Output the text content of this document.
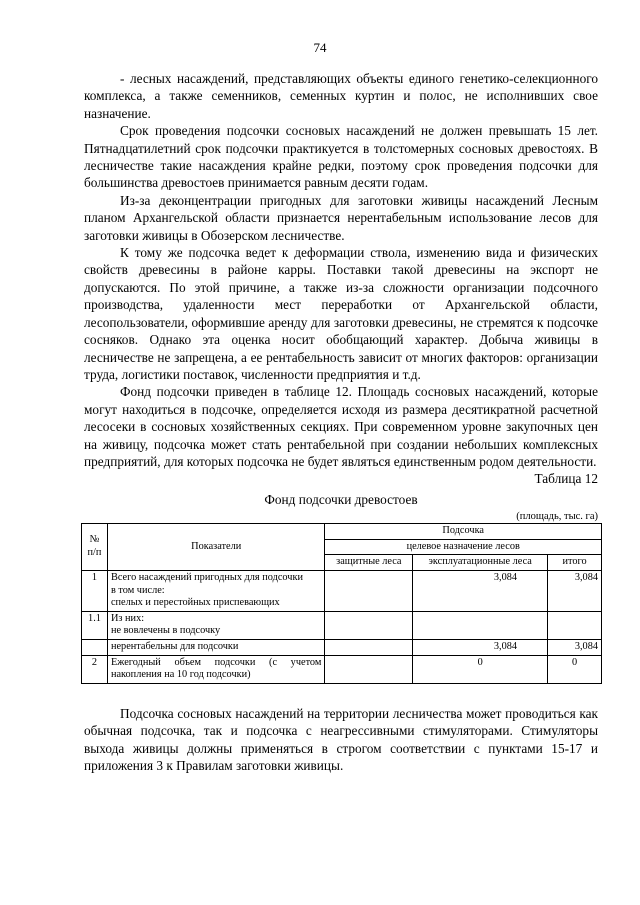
74

- лесных насаждений, представляющих объекты единого генетико-селекционного комплекса, а также семенников, семенных куртин и полос, не исполнивших свое назначение.

Срок проведения подсочки сосновых насаждений не должен превышать 15 лет. Пятнадцатилетний срок подсочки практикуется в толстомерных сосновых древостоях. В лесничестве такие насаждения крайне редки, поэтому срок проведения подсочки для большинства древостоев принимается равным десяти годам.

Из-за деконцентрации пригодных для заготовки живицы насаждений Лесным планом Архангельской области признается нерентабельным использование лесов для заготовки живицы в Обозерском лесничестве.

К тому же подсочка ведет к деформации ствола, изменению вида и физических свойств древесины в районе карры. Поставки такой древесины на экспорт не допускаются. По этой причине, а также из-за сложности организации подсочного производства, удаленности мест переработки от Архангельской области, лесопользователи, оформившие аренду для заготовки древесины, не стремятся к подсочке сосняков. Однако эта оценка носит обобщающий характер. Добыча живицы в лесничестве не запрещена, а ее рентабельность зависит от многих факторов: организации труда, логистики поставок, численности предприятия и т.д.

Фонд подсочки приведен в таблице 12. Площадь сосновых насаждений, которые могут находиться в подсочке, определяется исходя из размера десятикратной расчетной лесосеки в сосновых хозяйственных секциях. При современном уровне закупочных цен на живицу, подсочка может стать рентабельной при создании небольших комплексных предприятий, для которых подсочка не будет являться единственным родом деятельности.

Таблица 12
Фонд подсочки древостоев
(площадь, тыс. га)
№ п/п	Показатели	Подсочка		
		целевое назначение лесов		
		защитные леса	эксплуатационные леса	итого
1	Всего насаждений пригодных для подсочки
в том числе:
спелых и перестойных приспевающих		3,084	3,084
1.1	Из них:
не вовлечены в подсочку			

	нерентабельны для подсочки		3,084	3,084
2	Ежегодный объем подсочки (с учетом накопления на 10 год подсочки)		0	0

Подсочка сосновых насаждений на территории лесничества может проводиться как обычная подсочка, так и подсочка с неагрессивными стимуляторами. Стимуляторы выхода живицы должны применяться в строгом соответствии с пунктами 15-17 и приложения 3 к Правилам заготовки живицы.
